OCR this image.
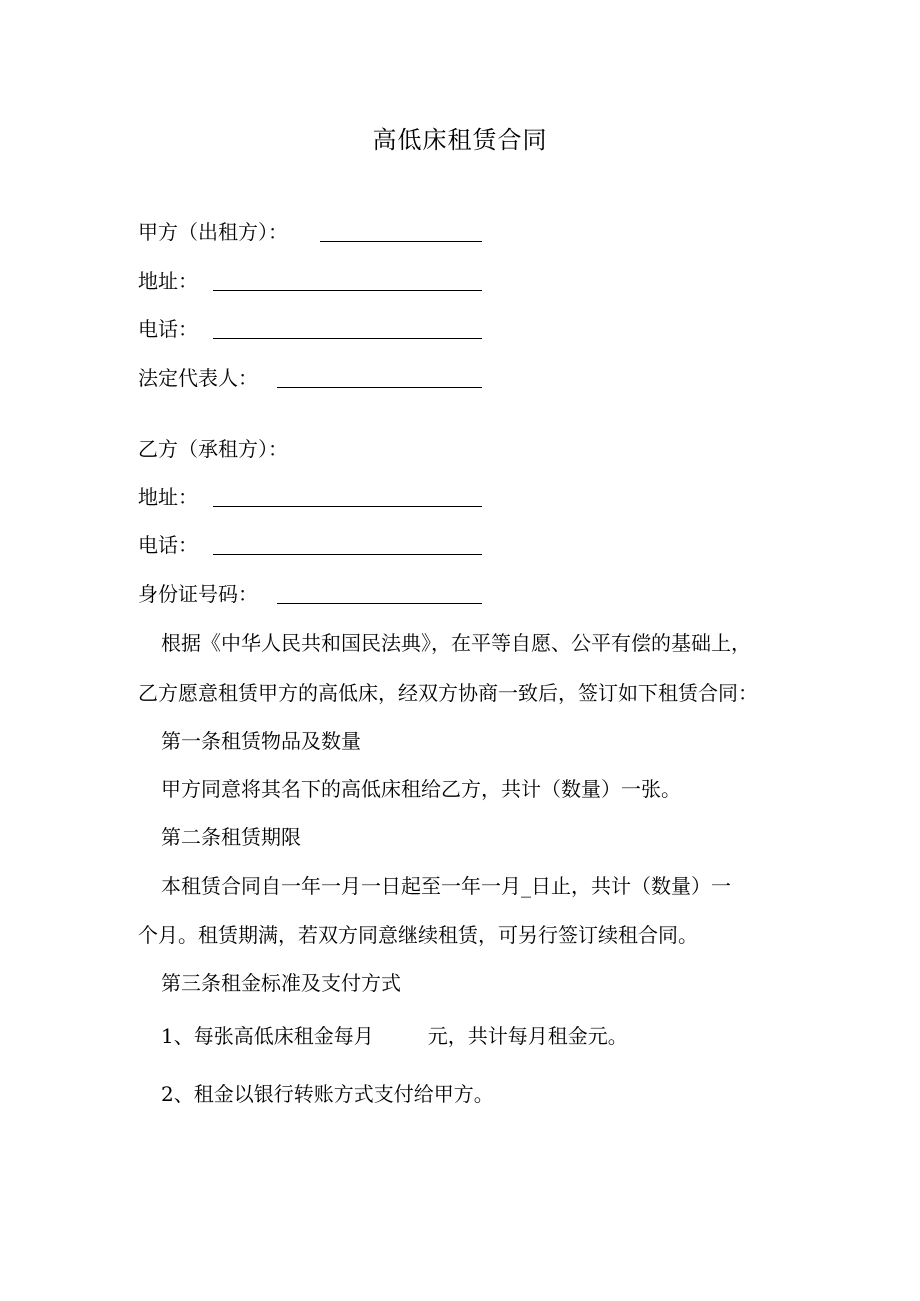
高低床租赁合同
甲方（出租方）：
地址：
电话：
法定代表人：
乙方（承租方）：
地址：
电话：
身份证号码：
根据《中华人民共和国民法典》，在平等自愿、公平有偿的基础上，
乙方愿意租赁甲方的高低床，经双方协商一致后，签订如下租赁合同：
第一条租赁物品及数量
甲方同意将其名下的高低床租给乙方，共计（数量）一张。
第二条租赁期限
本租赁合同自一年一月一日起至一年一月_日止，共计（数量）一
个月。租赁期满，若双方同意继续租赁，可另行签订续租合同。
第三条租金标准及支付方式
1、每张高低床租金每月	元，共计每月租金元。
2、租金以银行转账方式支付给甲方。
